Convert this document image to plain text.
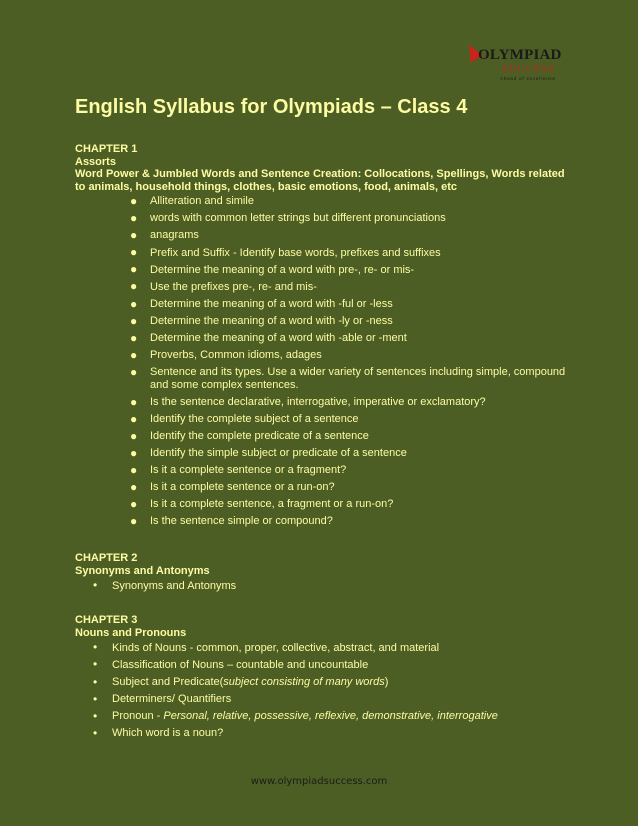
OLYMPIAD
SUCCESS
Ahead of excellence
English Syllabus for Olympiads – Class 4
CHAPTER 1
Assorts
Word Power & Jumbled Words and Sentence Creation: Collocations, Spellings, Words related to animals, household things, clothes, basic emotions, food, animals, etc
● Alliteration and simile
● words with common letter strings but different pronunciations
● anagrams
● Prefix and Suffix - Identify base words, prefixes and suffixes
● Determine the meaning of a word with pre-, re- or mis-
● Use the prefixes pre-, re- and mis-
● Determine the meaning of a word with -ful or -less
● Determine the meaning of a word with -ly or -ness
● Determine the meaning of a word with -able or -ment
● Proverbs, Common idioms, adages
● Sentence and its types. Use a wider variety of sentences including simple, compound and some complex sentences.
● Is the sentence declarative, interrogative, imperative or exclamatory?
● Identify the complete subject of a sentence
● Identify the complete predicate of a sentence
● Identify the simple subject or predicate of a sentence
● Is it a complete sentence or a fragment?
● Is it a complete sentence or a run-on?
● Is it a complete sentence, a fragment or a run-on?
● Is the sentence simple or compound?
CHAPTER 2
Synonyms and Antonyms
• Synonyms and Antonyms
CHAPTER 3
Nouns and Pronouns
• Kinds of Nouns - common, proper, collective, abstract, and material
• Classification of Nouns – countable and uncountable
• Subject and Predicate(subject consisting of many words)
• Determiners/ Quantifiers
• Pronoun - Personal, relative, possessive, reflexive, demonstrative, interrogative
• Which word is a noun?
www.olympiadsuccess.com
